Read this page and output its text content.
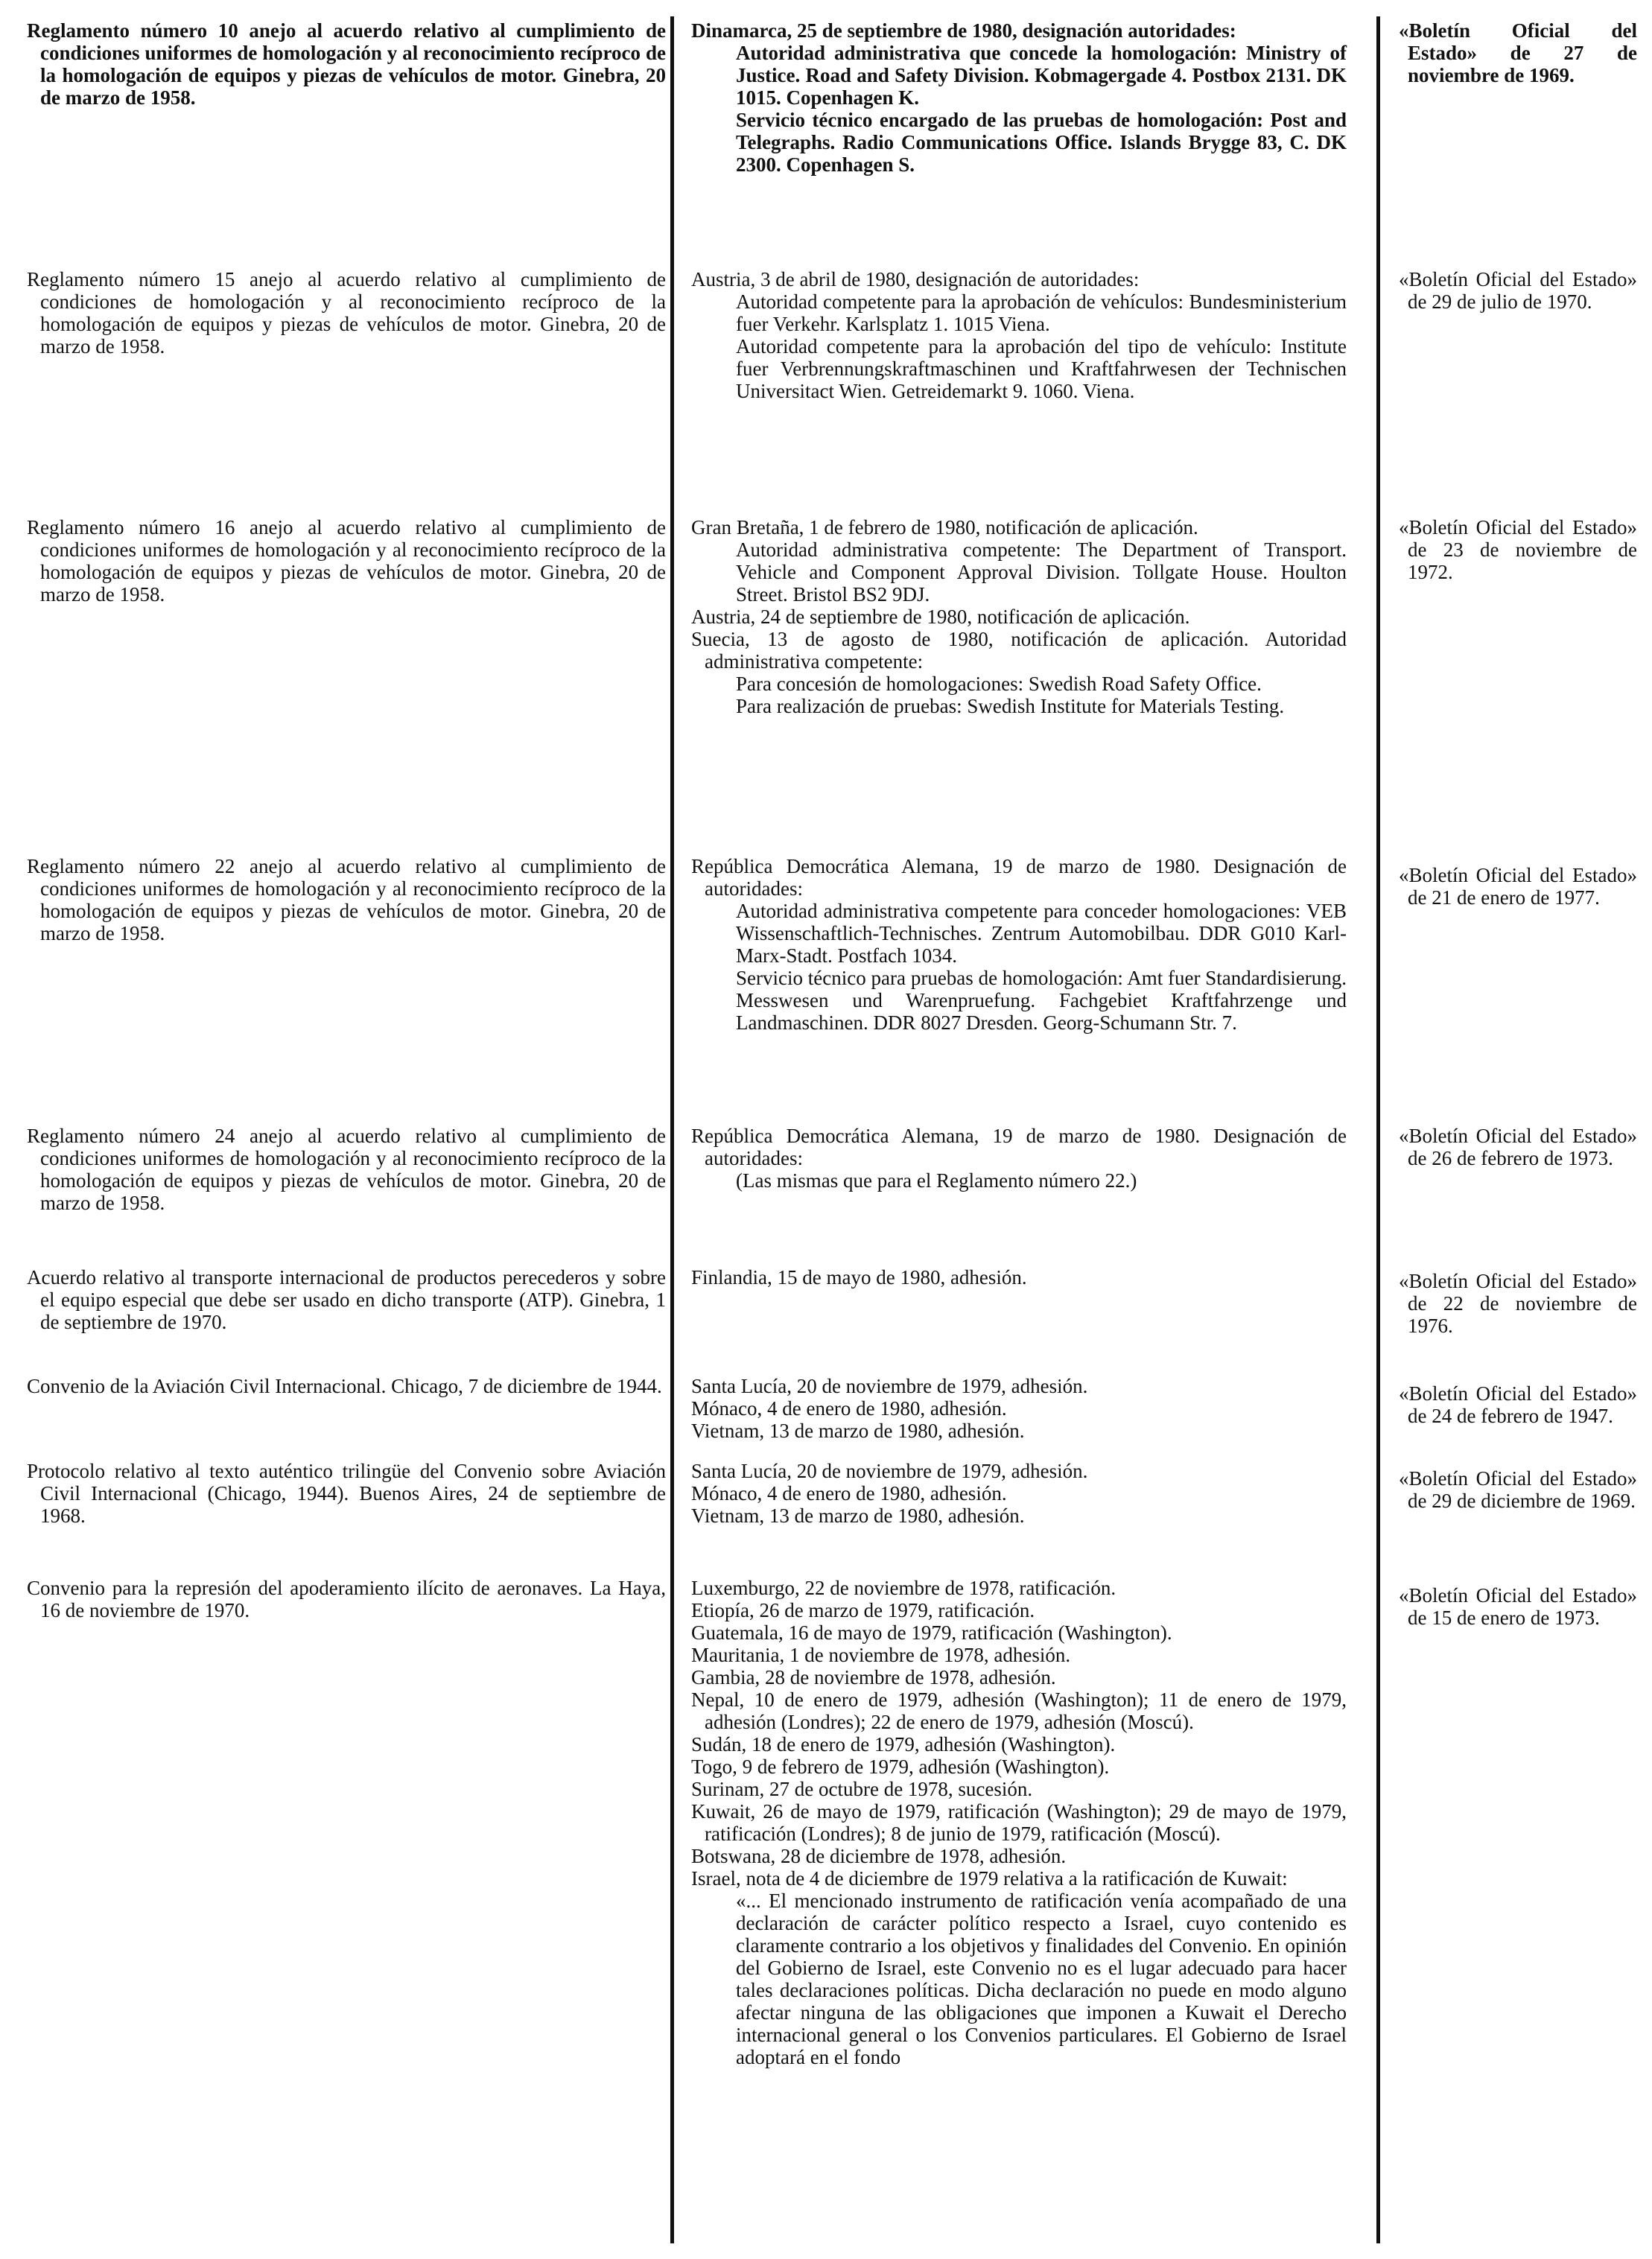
Reglamento número 10 anejo al acuerdo relativo al cumplimiento de condiciones uniformes de homologación y al reconocimiento recíproco de la homologación de equipos y piezas de vehículos de motor. Ginebra, 20 de marzo de 1958.

Dinamarca, 25 de septiembre de 1980, designación autoridades:

Autoridad administrativa que concede la homologación: Ministry of Justice. Road and Safety Division. Kobmagergade 4. Postbox 2131. DK 1015. Copenhagen K.

Servicio técnico encargado de las pruebas de homologación: Post and Telegraphs. Radio Communications Office. Islands Brygge 83, C. DK 2300. Copenhagen S.

«Boletín Oficial del Estado» de 27 de noviembre de 1969.

Reglamento número 15 anejo al acuerdo relativo al cumplimiento de condiciones de homologación y al reconocimiento recíproco de la homologación de equipos y piezas de vehículos de motor. Ginebra, 20 de marzo de 1958.

Austria, 3 de abril de 1980, designación de autoridades:

Autoridad competente para la aprobación de vehículos: Bundesministerium fuer Verkehr. Karlsplatz 1. 1015 Viena.

Autoridad competente para la aprobación del tipo de vehículo: Institute fuer Verbrennungskraftmaschinen und Kraftfahrwesen der Technischen Universitact Wien. Getreidemarkt 9. 1060. Viena.

«Boletín Oficial del Estado» de 29 de julio de 1970.

Reglamento número 16 anejo al acuerdo relativo al cumplimiento de condiciones uniformes de homologación y al reconocimiento recíproco de la homologación de equipos y piezas de vehículos de motor. Ginebra, 20 de marzo de 1958.

Gran Bretaña, 1 de febrero de 1980, notificación de aplicación.

Autoridad administrativa competente: The Department of Transport. Vehicle and Component Approval Division. Tollgate House. Houlton Street. Bristol BS2 9DJ.

Austria, 24 de septiembre de 1980, notificación de aplicación.

Suecia, 13 de agosto de 1980, notificación de aplicación. Autoridad administrativa competente:

Para concesión de homologaciones: Swedish Road Safety Office.

Para realización de pruebas: Swedish Institute for Materials Testing.

«Boletín Oficial del Estado» de 23 de noviembre de 1972.

Reglamento número 22 anejo al acuerdo relativo al cumplimiento de condiciones uniformes de homologación y al reconocimiento recíproco de la homologación de equipos y piezas de vehículos de motor. Ginebra, 20 de marzo de 1958.

República Democrática Alemana, 19 de marzo de 1980. Designación de autoridades:

Autoridad administrativa competente para conceder homologaciones: VEB Wissenschaftlich-Technisches. Zentrum Automobilbau. DDR G010 Karl-Marx-Stadt. Postfach 1034.

Servicio técnico para pruebas de homologación: Amt fuer Standardisierung. Messwesen und Warenpruefung. Fachgebiet Kraftfahrzenge und Landmaschinen. DDR 8027 Dresden. Georg-Schumann Str. 7.

«Boletín Oficial del Estado» de 21 de enero de 1977.

Reglamento número 24 anejo al acuerdo relativo al cumplimiento de condiciones uniformes de homologación y al reconocimiento recíproco de la homologación de equipos y piezas de vehículos de motor. Ginebra, 20 de marzo de 1958.

República Democrática Alemana, 19 de marzo de 1980. Designación de autoridades:

(Las mismas que para el Reglamento número 22.)

«Boletín Oficial del Estado» de 26 de febrero de 1973.

Acuerdo relativo al transporte internacional de productos perecederos y sobre el equipo especial que debe ser usado en dicho transporte (ATP). Ginebra, 1 de septiembre de 1970.

Finlandia, 15 de mayo de 1980, adhesión.	«Boletín Oficial del Estado» de 22 de noviembre de 1976.

Convenio de la Aviación Civil Internacional. Chicago, 7 de diciembre de 1944. Santa Lucía, 20 de noviembre de 1979, adhesión.

Mónaco, 4 de enero de 1980, adhesión.

Vietnam, 13 de marzo de 1980, adhesión.

«Boletín Oficial del Estado» de 24 de febrero de 1947.

Protocolo relativo al texto auténtico trilingüe del Convenio sobre Aviación Civil Internacional (Chicago, 1944). Buenos Aires, 24 de septiembre de 1968.

Santa Lucía, 20 de noviembre de 1979, adhesión.

Mónaco, 4 de enero de 1980, adhesión.

Vietnam, 13 de marzo de 1980, adhesión.

«Boletín Oficial del Estado» de 29 de diciembre de 1969.

Convenio para la represión del apoderamiento ilícito de aeronaves. La Haya, 16 de noviembre de 1970.

Luxemburgo, 22 de noviembre de 1978, ratificación.

Etiopía, 26 de marzo de 1979, ratificación.

Guatemala, 16 de mayo de 1979, ratificación (Washington).

Mauritania, 1 de noviembre de 1978, adhesión.

Gambia, 28 de noviembre de 1978, adhesión.

Nepal, 10 de enero de 1979, adhesión (Washington); 11 de enero de 1979, adhesión (Londres); 22 de enero de 1979, adhesión (Moscú).

Sudán, 18 de enero de 1979, adhesión (Washington).

Togo, 9 de febrero de 1979, adhesión (Washington).

Surinam, 27 de octubre de 1978, sucesión.

Kuwait, 26 de mayo de 1979, ratificación (Washington); 29 de mayo de 1979, ratificación (Londres); 8 de junio de 1979, ratificación (Moscú).

Botswana, 28 de diciembre de 1978, adhesión.

Israel, nota de 4 de diciembre de 1979 relativa a la ratificación de Kuwait:

«... El mencionado instrumento de ratificación venía acompañado de una declaración de carácter político respecto a Israel, cuyo contenido es claramente contrario a los objetivos y finalidades del Convenio. En opinión del Gobierno de Israel, este Convenio no es el lugar adecuado para hacer tales declaraciones políticas. Dicha declaración no puede en modo alguno afectar ninguna de las obligaciones que imponen a Kuwait el Derecho internacional general o los Convenios particulares. El Gobierno de Israel adoptará en el fondo

«Boletín Oficial del Estado» de 15 de enero de 1973.
